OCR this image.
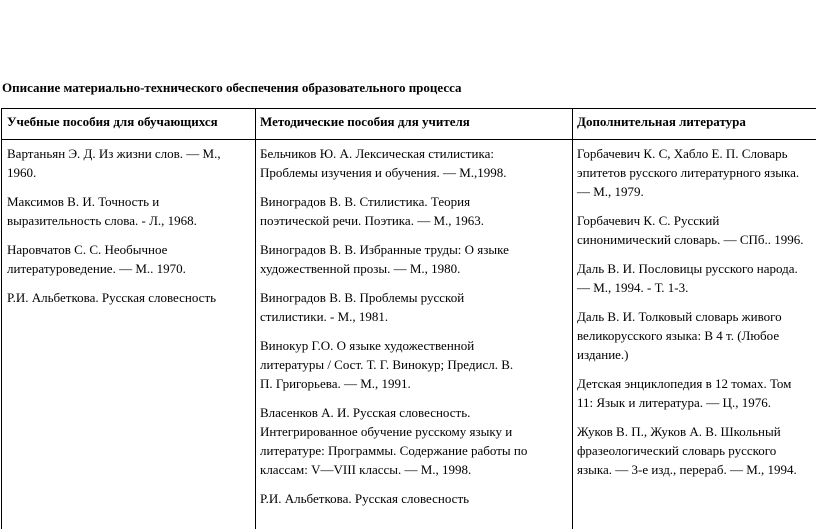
Описание материально-технического обеспечения образовательного процесса
Учебные пособия для обучающихся	Методические пособия для учителя	Дополнительная литература
Вартаньян Э. Д. Из жизни слов. — М.,
1960.
Максимов В. И. Точность и
выразительность слова. - Л., 1968.
Наровчатов С. С. Необычное
литературоведение. — М.. 1970.
Р.И. Альбеткова. Русская словесность
Бельчиков Ю. А. Лексическая стилистика:
Проблемы изучения и обучения. — М.,1998.
Виноградов В. В. Стилистика. Теория
поэтической речи. Поэтика. — М., 1963.
Виноградов В. В. Избранные труды: О языке
художественной прозы. — М., 1980.
Виноградов В. В. Проблемы русской
стилистики. - М., 1981.
Винокур Г.О. О языке художественной
литературы / Сост. Т. Г. Винокур; Предисл. В.
П. Григорьева. — М., 1991.
Власенков А. И. Русская словесность.
Интегрированное обучение русскому языку и
литературе: Программы. Содержание работы по
классам: V—VIII классы. — М., 1998.
Р.И. Альбеткова. Русская словесность
Горбачевич К. С, Хабло Е. П. Словарь
эпитетов русского литературного языка.
— М., 1979.
Горбачевич К. С. Русский
синонимический словарь. — СПб.. 1996.
Даль В. И. Пословицы русского народа.
— М., 1994. - Т. 1-3.
Даль В. И. Толковый словарь живого
великорусского языка: В 4 т. (Любое
издание.)
Детская энциклопедия в 12 томах. Том
11: Язык и литература. — Ц., 1976.
Жуков В. П., Жуков А. В. Школьный
фразеологический словарь русского
языка. — 3-е изд., перераб. — М., 1994.
